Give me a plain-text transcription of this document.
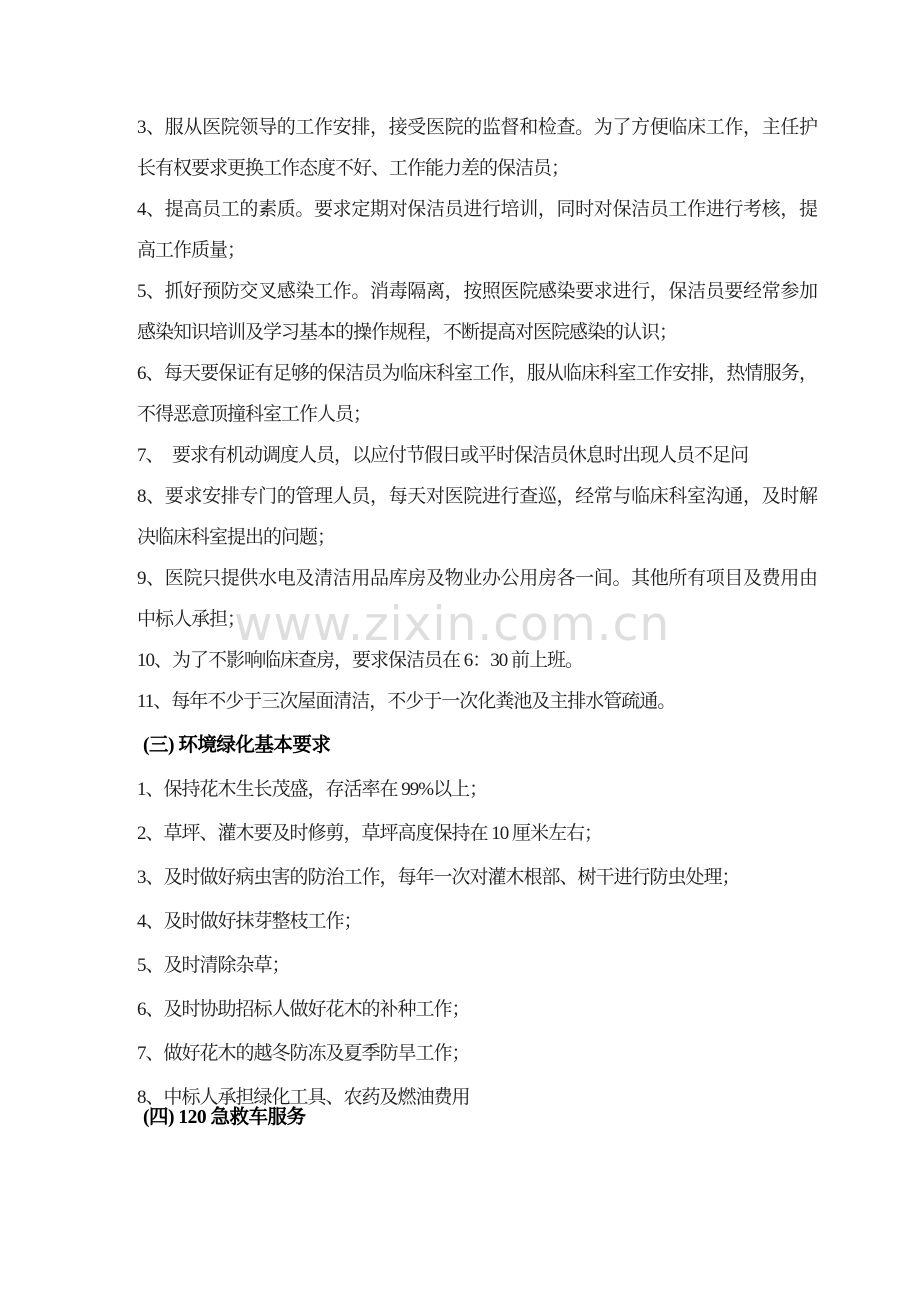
www.zixin.com.cn
3、服从医院领导的工作安排，接受医院的监督和检查。为了方便临床工作，主任护
长有权要求更换工作态度不好、工作能力差的保洁员；
4、提高员工的素质。要求定期对保洁员进行培训，同时对保洁员工作进行考核，提
高工作质量；
5、抓好预防交叉感染工作。消毒隔离，按照医院感染要求进行，保洁员要经常参加
感染知识培训及学习基本的操作规程，不断提高对医院感染的认识；
6、每天要保证有足够的保洁员为临床科室工作，服从临床科室工作安排，热情服务，
不得恶意顶撞科室工作人员；
7、　要求有机动调度人员，以应付节假日或平时保洁员休息时出现人员不足问
8、要求安排专门的管理人员，每天对医院进行查巡，经常与临床科室沟通，及时解
决临床科室提出的问题；
9、医院只提供水电及清洁用品库房及物业办公用房各一间。其他所有项目及费用由
中标人承担；
10、为了不影响临床查房，要求保洁员在 6：30 前上班。
11、每年不少于三次屋面清洁，不少于一次化粪池及主排水管疏通。
(三) 环境绿化基本要求
1、保持花木生长茂盛，存活率在 99%以上；
2、草坪、灌木要及时修剪，草坪高度保持在 10 厘米左右；
3、及时做好病虫害的防治工作，每年一次对灌木根部、树干进行防虫处理；
4、及时做好抹芽整枝工作；
5、及时清除杂草；
6、及时协助招标人做好花木的补种工作；
7、做好花木的越冬防冻及夏季防旱工作；
8、中标人承担绿化工具、农药及燃油费用
(四) 120 急救车服务
